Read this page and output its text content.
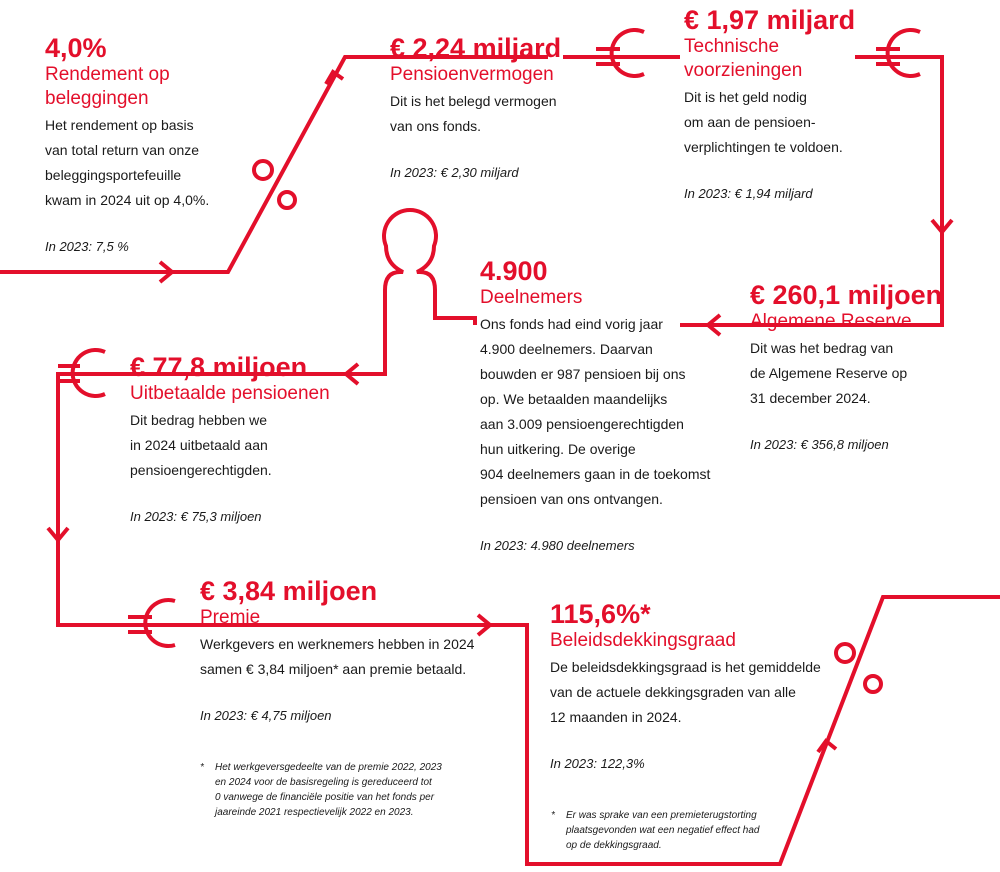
4,0%
Rendement op beleggingen
Het rendement op basis
van total return van onze
beleggingsportefeuille
kwam in 2024 uit op 4,0%.
In 2023: 7,5 %
€ 2,24 miljard
Pensioenvermogen
Dit is het belegd vermogen
van ons fonds.
In 2023: € 2,30 miljard
€ 1,97 miljard
Technische voorzieningen
Dit is het geld nodig
om aan de pensioen-
verplichtingen te voldoen.
In 2023: € 1,94 miljard
€ 260,1 miljoen
Algemene Reserve
Dit was het bedrag van
de Algemene Reserve op
31 december 2024.
In 2023: € 356,8 miljoen
4.900
Deelnemers
Ons fonds had eind vorig jaar
4.900 deelnemers. Daarvan
bouwden er 987 pensioen bij ons
op. We betaalden maandelijks
aan 3.009 pensioengerechtigden
hun uitkering. De overige
904 deelnemers gaan in de toekomst
pensioen van ons ontvangen.
In 2023: 4.980 deelnemers
€ 77,8 miljoen
Uitbetaalde pensioenen
Dit bedrag hebben we
in 2024 uitbetaald aan
pensioengerechtigden.
In 2023: € 75,3 miljoen
€ 3,84 miljoen
Premie
Werkgevers en werknemers hebben in 2024
samen € 3,84 miljoen* aan premie betaald.
In 2023: € 4,75 miljoen
* Het werkgeversgedeelte van de premie 2022, 2023
en 2024 voor de basisregeling is gereduceerd tot
0 vanwege de financiële positie van het fonds per
jaareinde 2021 respectievelijk 2022 en 2023.
115,6%*
Beleidsdekkingsgraad
De beleidsdekkingsgraad is het gemiddelde
van de actuele dekkingsgraden van alle
12 maanden in 2024.
In 2023: 122,3%
* Er was sprake van een premieterugstorting
plaatsgevonden wat een negatief effect had
op de dekkingsgraad.
